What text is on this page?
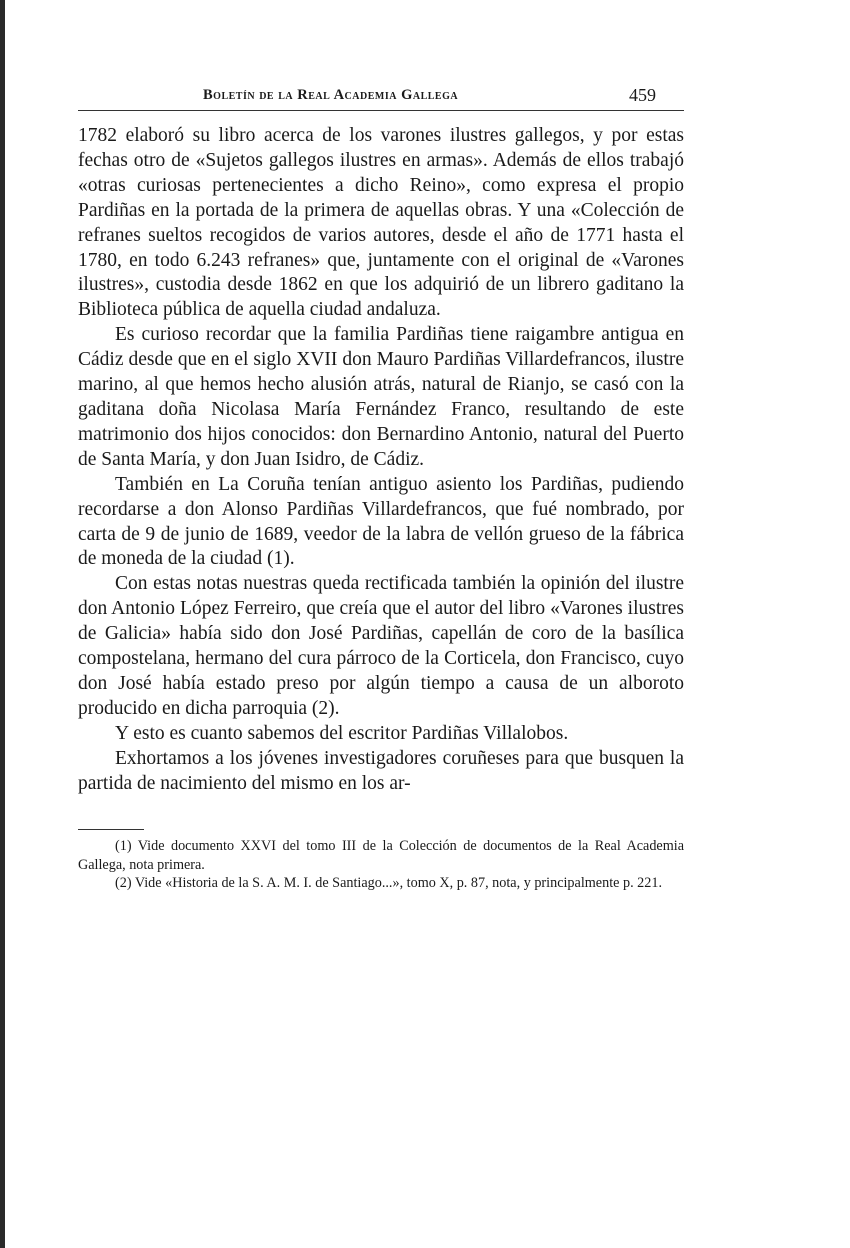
Boletín de la Real Academia Gallega	459

1782 elaboró su libro acerca de los varones ilustres gallegos, y por estas fechas otro de «Sujetos gallegos ilustres en armas». Además de ellos trabajó «otras curiosas pertenecientes a dicho Reino», como expresa el propio Pardiñas en la portada de la primera de aquellas obras. Y una «Colección de refranes sueltos recogidos de varios autores, desde el año de 1771 hasta el 1780, en todo 6.243 refranes» que, juntamente con el original de «Varones ilustres», custodia desde 1862 en que los adquirió de un librero gaditano la Biblioteca pública de aquella ciudad andaluza.

Es curioso recordar que la familia Pardiñas tiene raigambre antigua en Cádiz desde que en el siglo XVII don Mauro Pardiñas Villardefrancos, ilustre marino, al que hemos hecho alusión atrás, natural de Rianjo, se casó con la gaditana doña Nicolasa María Fernández Franco, resultando de este matrimonio dos hijos conocidos: don Bernardino Antonio, natural del Puerto de Santa María, y don Juan Isidro, de Cádiz.

También en La Coruña tenían antiguo asiento los Pardiñas, pudiendo recordarse a don Alonso Pardiñas Villardefrancos, que fué nombrado, por carta de 9 de junio de 1689, veedor de la labra de vellón grueso de la fábrica de moneda de la ciudad (1).

Con estas notas nuestras queda rectificada también la opinión del ilustre don Antonio López Ferreiro, que creía que el autor del libro «Varones ilustres de Galicia» había sido don José Pardiñas, capellán de coro de la basílica compostelana, hermano del cura párroco de la Corticela, don Francisco, cuyo don José había estado preso por algún tiempo a causa de un alboroto producido en dicha parroquia (2).

Y esto es cuanto sabemos del escritor Pardiñas Villalobos.

Exhortamos a los jóvenes investigadores coruñeses para que busquen la partida de nacimiento del mismo en los ar-

(1) Vide documento XXVI del tomo III de la Colección de documentos de la Real Academia Gallega, nota primera.

(2) Vide «Historia de la S. A. M. I. de Santiago...», tomo X, p. 87, nota, y principalmente p. 221.
